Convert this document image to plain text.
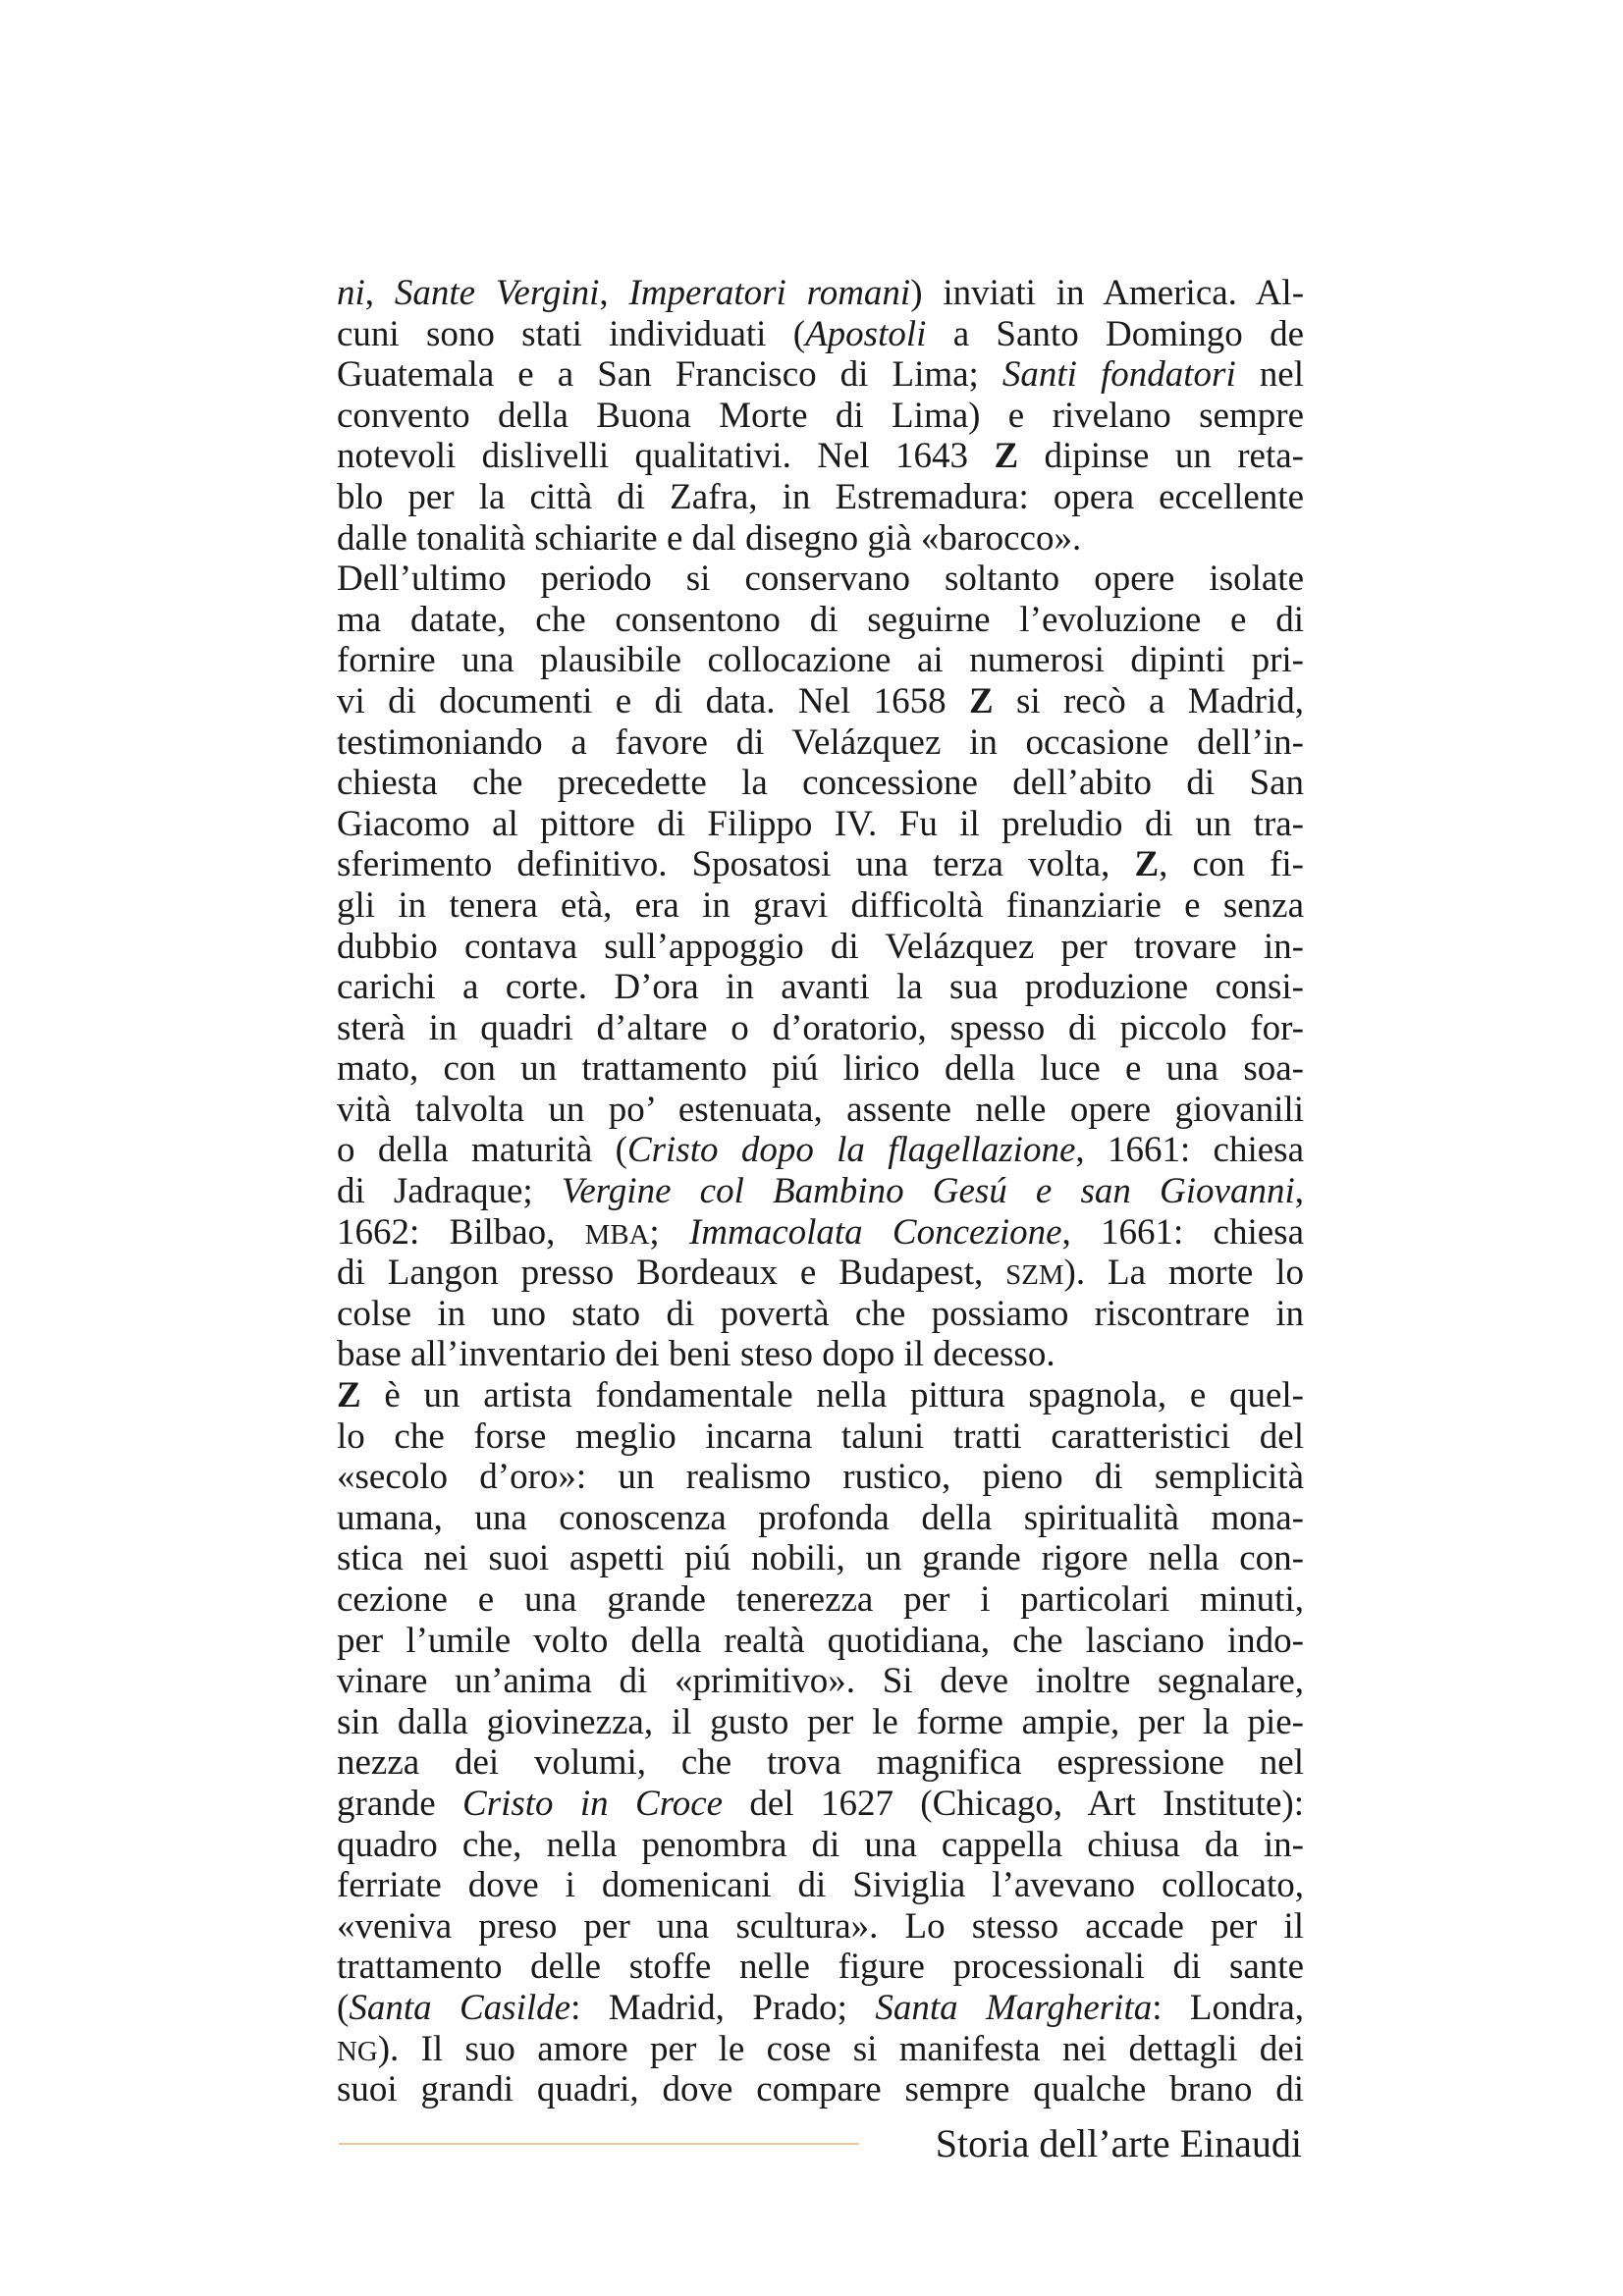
ni, Sante Vergini, Imperatori romani) inviati in America. Al-
cuni sono stati individuati (Apostoli a Santo Domingo de
Guatemala e a San Francisco di Lima; Santi fondatori nel
convento della Buona Morte di Lima) e rivelano sempre
notevoli dislivelli qualitativi. Nel 1643 Z dipinse un reta-
blo per la città di Zafra, in Estremadura: opera eccellente
dalle tonalità schiarite e dal disegno già «barocco».
Dell’ultimo periodo si conservano soltanto opere isolate
ma datate, che consentono di seguirne l’evoluzione e di
fornire una plausibile collocazione ai numerosi dipinti pri-
vi di documenti e di data. Nel 1658 Z si recò a Madrid,
testimoniando a favore di Velázquez in occasione dell’in-
chiesta che precedette la concessione dell’abito di San
Giacomo al pittore di Filippo IV. Fu il preludio di un tra-
sferimento definitivo. Sposatosi una terza volta, Z, con fi-
gli in tenera età, era in gravi difficoltà finanziarie e senza
dubbio contava sull’appoggio di Velázquez per trovare in-
carichi a corte. D’ora in avanti la sua produzione consi-
sterà in quadri d’altare o d’oratorio, spesso di piccolo for-
mato, con un trattamento piú lirico della luce e una soa-
vità talvolta un po’ estenuata, assente nelle opere giovanili
o della maturità (Cristo dopo la flagellazione, 1661: chiesa
di Jadraque; Vergine col Bambino Gesú e san Giovanni,
1662: Bilbao, MBA; Immacolata Concezione, 1661: chiesa
di Langon presso Bordeaux e Budapest, SZM). La morte lo
colse in uno stato di povertà che possiamo riscontrare in
base all’inventario dei beni steso dopo il decesso.
Z è un artista fondamentale nella pittura spagnola, e quel-
lo che forse meglio incarna taluni tratti caratteristici del
«secolo d’oro»: un realismo rustico, pieno di semplicità
umana, una conoscenza profonda della spiritualità mona-
stica nei suoi aspetti piú nobili, un grande rigore nella con-
cezione e una grande tenerezza per i particolari minuti,
per l’umile volto della realtà quotidiana, che lasciano indo-
vinare un’anima di «primitivo». Si deve inoltre segnalare,
sin dalla giovinezza, il gusto per le forme ampie, per la pie-
nezza dei volumi, che trova magnifica espressione nel
grande Cristo in Croce del 1627 (Chicago, Art Institute):
quadro che, nella penombra di una cappella chiusa da in-
ferriate dove i domenicani di Siviglia l’avevano collocato,
«veniva preso per una scultura». Lo stesso accade per il
trattamento delle stoffe nelle figure processionali di sante
(Santa Casilde: Madrid, Prado; Santa Margherita: Londra,
NG). Il suo amore per le cose si manifesta nei dettagli dei
suoi grandi quadri, dove compare sempre qualche brano di
Storia dell’arte Einaudi
